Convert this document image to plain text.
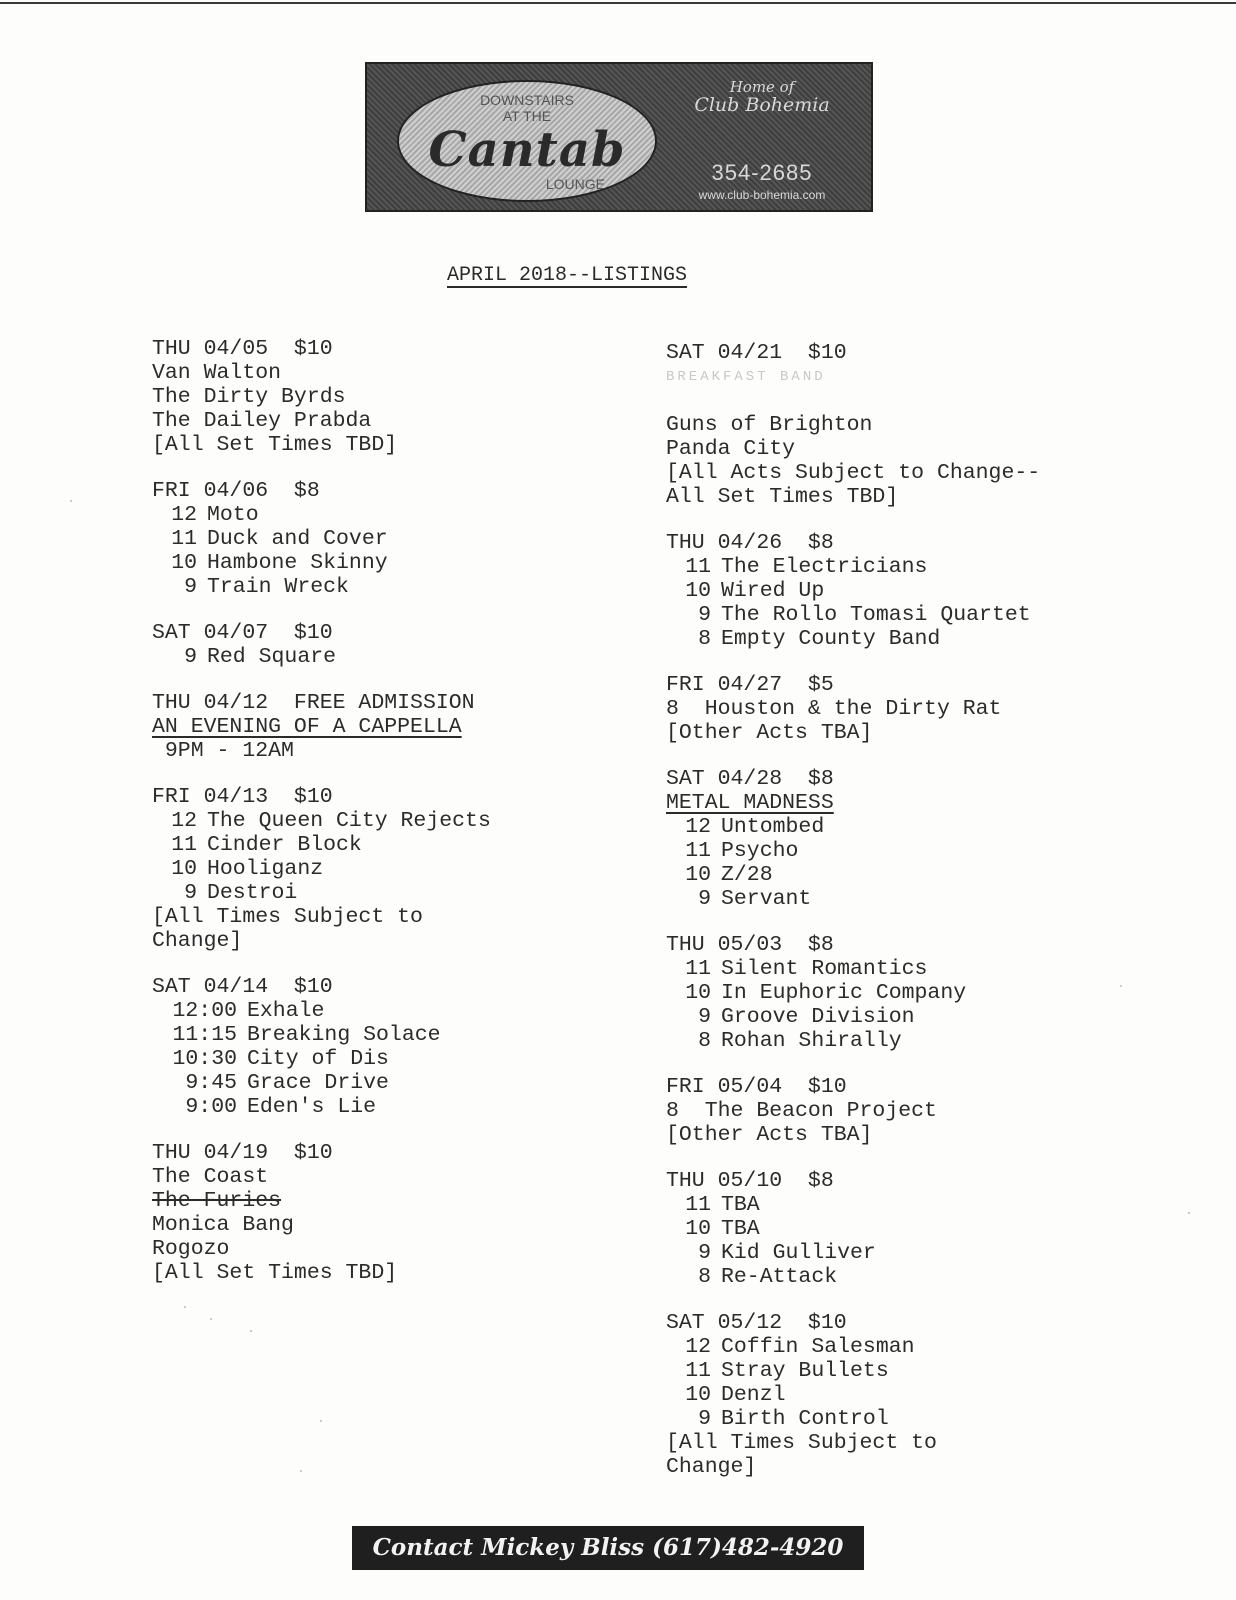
DOWNSTAIRS
AT THE
Cantab
LOUNGE
Home of
Club Bohemia
354-2685
www.club-bohemia.com
APRIL 2018--LISTINGS
THU 04/05  $10
Van Walton
The Dirty Byrds
The Dailey Prabda
[All Set Times TBD]
FRI 04/06  $8
12 Moto
11 Duck and Cover
10 Hambone Skinny
9 Train Wreck
SAT 04/07  $10
9 Red Square
THU 04/12  FREE ADMISSION
AN EVENING OF A CAPPELLA
9PM - 12AM
FRI 04/13  $10
12 The Queen City Rejects
11 Cinder Block
10 Hooliganz
9 Destroi
[All Times Subject to
Change]
SAT 04/14  $10
12:00 Exhale
11:15 Breaking Solace
10:30 City of Dis
9:45 Grace Drive
9:00 Eden's Lie
THU 04/19  $10
The Coast
The Furies
Monica Bang
Rogozo
[All Set Times TBD]
SAT 04/21  $10
BREAKFAST BAND
Guns of Brighton
Panda City
[All Acts Subject to Change--
All Set Times TBD]
THU 04/26  $8
11 The Electricians
10 Wired Up
9 The Rollo Tomasi Quartet
8 Empty County Band
FRI 04/27  $5
8  Houston & the Dirty Rat
[Other Acts TBA]
SAT 04/28  $8
METAL MADNESS
12 Untombed
11 Psycho
10 Z/28
9 Servant
THU 05/03  $8
11 Silent Romantics
10 In Euphoric Company
9 Groove Division
8 Rohan Shirally
FRI 05/04  $10
8  The Beacon Project
[Other Acts TBA]
THU 05/10  $8
11 TBA
10 TBA
9 Kid Gulliver
8 Re-Attack
SAT 05/12  $10
12 Coffin Salesman
11 Stray Bullets
10 Denzl
9 Birth Control
[All Times Subject to
Change]
Contact Mickey Bliss (617)482-4920
